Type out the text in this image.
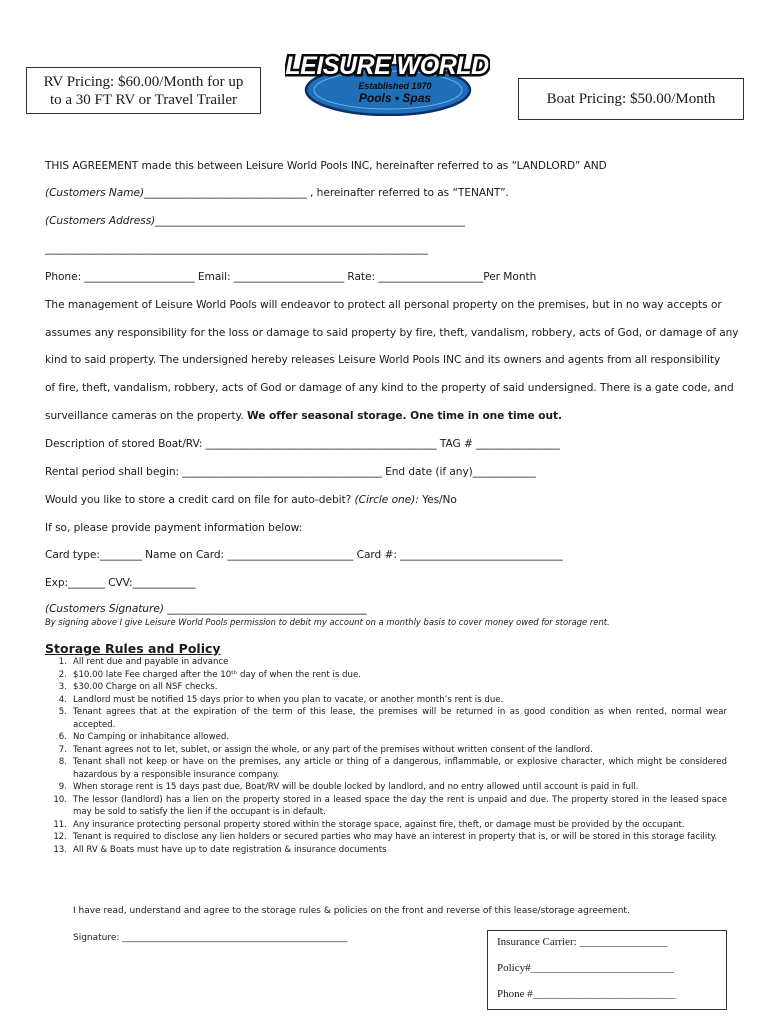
RV Pricing: $60.00/Month for up
to a 30 FT RV or Travel Trailer	Boat Pricing: $50.00/Month
LEISURE WORLD
Established 1970
Pools • Spas
THIS AGREEMENT made this between Leisure World Pools INC, hereinafter referred to as “LANDLORD” AND
(Customers Name)_______________________________ , hereinafter referred to as “TENANT”.
(Customers Address)___________________________________________________________
_________________________________________________________________________
Phone: _____________________ Email: _____________________ Rate: ____________________Per Month
The management of Leisure World Pools will endeavor to protect all personal property on the premises, but in no way accepts or
assumes any responsibility for the loss or damage to said property by fire, theft, vandalism, robbery, acts of God, or damage of any
kind to said property. The undersigned hereby releases Leisure World Pools INC and its owners and agents from all responsibility
of fire, theft, vandalism, robbery, acts of God or damage of any kind to the property of said undersigned. There is a gate code, and
surveillance cameras on the property. We offer seasonal storage. One time in one time out.
Description of stored Boat/RV: ____________________________________________ TAG # ________________
Rental period shall begin: ______________________________________ End date (if any)____________
Would you like to store a credit card on file for auto-debit? (Circle one): Yes/No
If so, please provide payment information below:
Card type:________ Name on Card: ________________________ Card #: _______________________________
Exp:_______ CVV:____________
(Customers Signature) ______________________________________
By signing above I give Leisure World Pools permission to debit my account on a monthly basis to cover money owed for storage rent.
Storage Rules and Policy
1. All rent due and payable in advance
2. $10.00 late Fee charged after the 10ᵗʰ day of when the rent is due.
3. $30.00 Charge on all NSF checks.
4. Landlord must be notified 15 days prior to when you plan to vacate, or another month’s rent is due.
5. Tenant agrees that at the expiration of the term of this lease, the premises will be returned in as good condition as when rented, normal wear accepted.
6. No Camping or inhabitance allowed.
7. Tenant agrees not to let, sublet, or assign the whole, or any part of the premises without written consent of the landlord.
8. Tenant shall not keep or have on the premises, any article or thing of a dangerous, inflammable, or explosive character, which might be considered hazardous by a responsible insurance company.
9. When storage rent is 15 days past due, Boat/RV will be double locked by landlord, and no entry allowed until account is paid in full.
10. The lessor (landlord) has a lien on the property stored in a leased space the day the rent is unpaid and due. The property stored in the leased space may be sold to satisfy the lien if the occupant is in default.
11. Any insurance protecting personal property stored within the storage space, against fire, theft, or damage must be provided by the occupant.
12. Tenant is required to disclose any lien holders or secured parties who may have an interest in property that is, or will be stored in this storage facility.
13. All RV & Boats must have up to date registration & insurance documents
I have read, understand and agree to the storage rules & policies on the front and reverse of this lease/storage agreement.
Signature: __________________________________________________	Insurance Carrier: ________________
Policy#__________________________
Phone #__________________________
